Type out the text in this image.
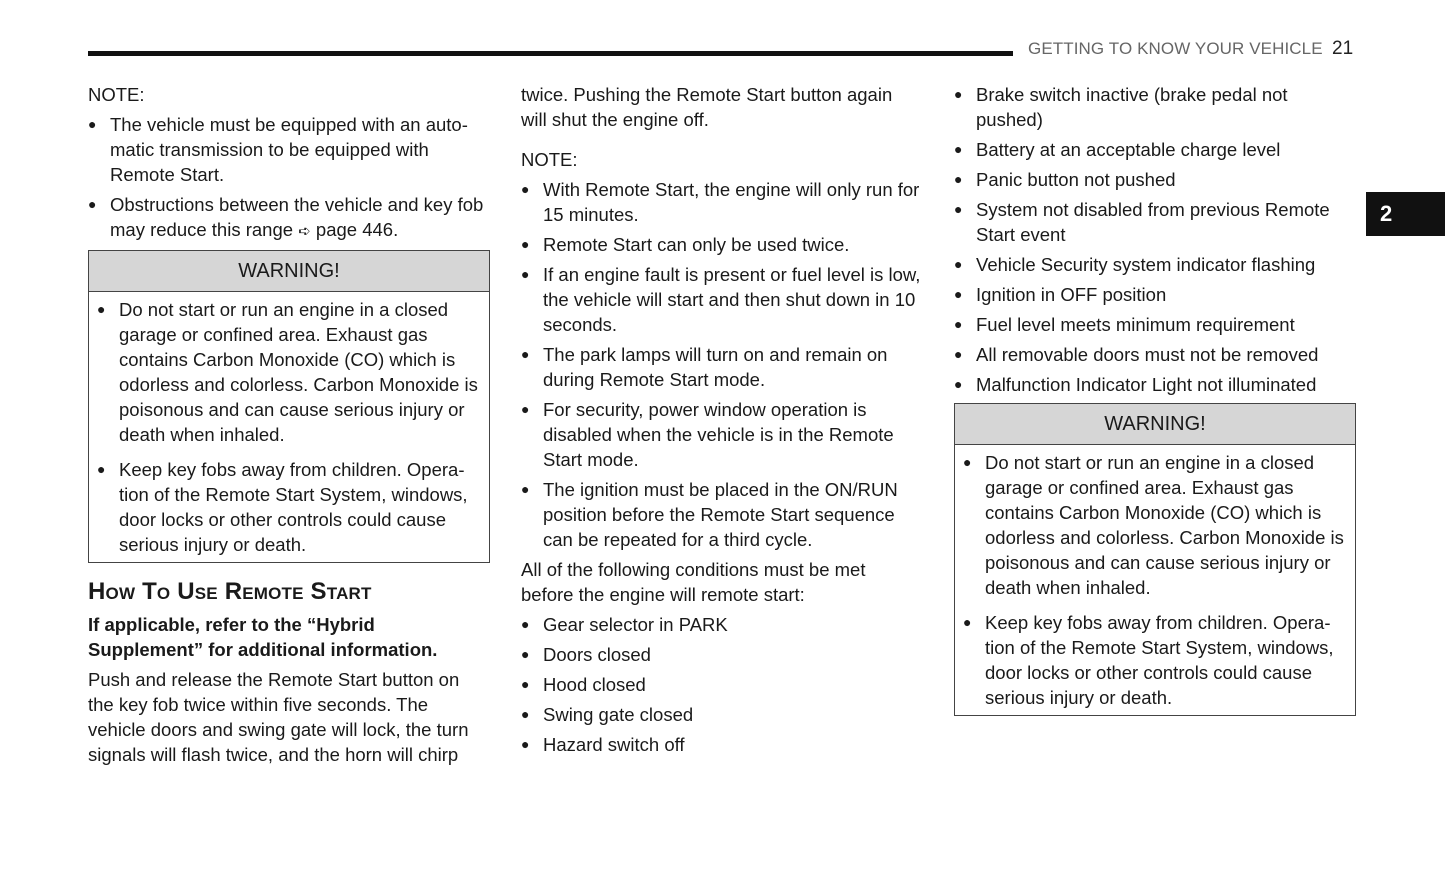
GETTING TO KNOW YOUR VEHICLE 21
2

NOTE:

● The vehicle must be equipped with an auto-matic transmission to be equipped with Remote Start.
● Obstructions between the vehicle and key fob may reduce this range ➪ page 446.
WARNING!
● Do not start or run an engine in a closed garage or confined area. Exhaust gas contains Carbon Monoxide (CO) which is odorless and colorless. Carbon Monoxide is poisonous and can cause serious injury or death when inhaled.
● Keep key fobs away from children. Opera-tion of the Remote Start System, windows, door locks or other controls could cause serious injury or death.
How To Use Remote Start

If applicable, refer to the “Hybrid Supplement” for additional information.

Push and release the Remote Start button on the key fob twice within five seconds. The vehicle doors and swing gate will lock, the turn signals will flash twice, and the horn will chirp

twice. Pushing the Remote Start button again will shut the engine off.

NOTE:

● With Remote Start, the engine will only run for 15 minutes.
● Remote Start can only be used twice.
● If an engine fault is present or fuel level is low, the vehicle will start and then shut down in 10 seconds.
● The park lamps will turn on and remain on during Remote Start mode.
● For security, power window operation is disabled when the vehicle is in the Remote Start mode.
● The ignition must be placed in the ON/RUN position before the Remote Start sequence can be repeated for a third cycle.

All of the following conditions must be met before the engine will remote start:

● Gear selector in PARK
● Doors closed
● Hood closed
● Swing gate closed
● Hazard switch off
● Brake switch inactive (brake pedal not pushed)
● Battery at an acceptable charge level
● Panic button not pushed
● System not disabled from previous Remote Start event
● Vehicle Security system indicator flashing
● Ignition in OFF position
● Fuel level meets minimum requirement
● All removable doors must not be removed
● Malfunction Indicator Light not illuminated
WARNING!
● Do not start or run an engine in a closed garage or confined area. Exhaust gas contains Carbon Monoxide (CO) which is odorless and colorless. Carbon Monoxide is poisonous and can cause serious injury or death when inhaled.
● Keep key fobs away from children. Opera-tion of the Remote Start System, windows, door locks or other controls could cause serious injury or death.
